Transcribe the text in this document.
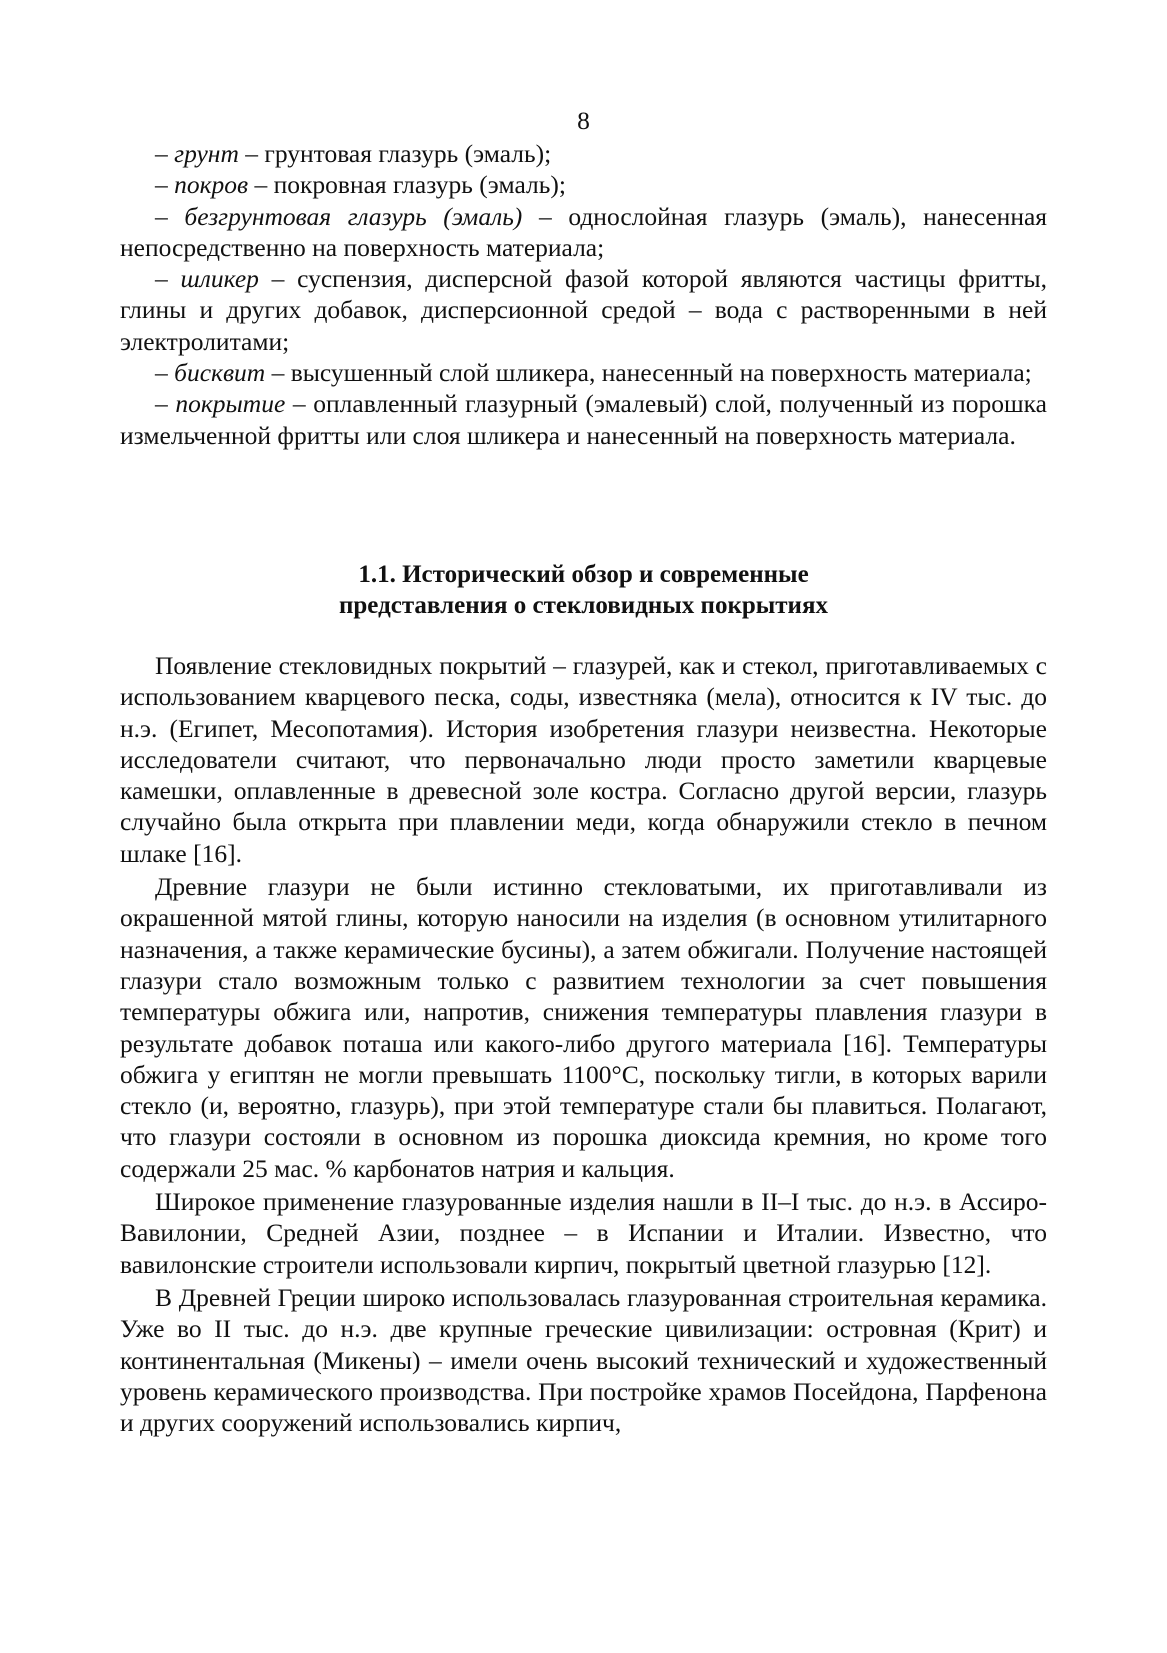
8

– грунт – грунтовая глазурь (эмаль);

– покров – покровная глазурь (эмаль);

– безгрунтовая глазурь (эмаль) – однослойная глазурь (эмаль), нанесенная непосредственно на поверхность материала;

– шликер – суспензия, дисперсной фазой которой являются частицы фритты, глины и других добавок, дисперсионной средой – вода с растворенными в ней электролитами;

– бисквит – высушенный слой шликера, нанесенный на поверхность материала;

– покрытие – оплавленный глазурный (эмалевый) слой, полученный из порошка измельченной фритты или слоя шликера и нанесенный на поверхность материала.

1.1. Исторический обзор и современные
представления о стекловидных покрытиях

Появление стекловидных покрытий – глазурей, как и стекол, приготавливаемых с использованием кварцевого песка, соды, известняка (мела), относится к IV тыс. до н.э. (Египет, Месопотамия). История изобретения глазури неизвестна. Некоторые исследователи считают, что первоначально люди просто заметили кварцевые камешки, оплавленные в древесной золе костра. Согласно другой версии, глазурь случайно была открыта при плавлении меди, когда обнаружили стекло в печном шлаке [16].

Древние глазури не были истинно стекловатыми, их приготавливали из окрашенной мятой глины, которую наносили на изделия (в основном утилитарного назначения, а также керамические бусины), а затем обжигали. Получение настоящей глазури стало возможным только с развитием технологии за счет повышения температуры обжига или, напротив, снижения температуры плавления глазури в результате добавок поташа или какого-либо другого материала [16]. Температуры обжига у египтян не могли превышать 1100°С, поскольку тигли, в которых варили стекло (и, вероятно, глазурь), при этой температуре стали бы плавиться. Полагают, что глазури состояли в основном из порошка диоксида кремния, но кроме того содержали 25 мас. % карбонатов натрия и кальция.

Широкое применение глазурованные изделия нашли в II–I тыс. до н.э. в Ассиро-Вавилонии, Средней Азии, позднее – в Испании и Италии. Известно, что вавилонские строители использовали кирпич, покрытый цветной глазурью [12].

В Древней Греции широко использовалась глазурованная строительная керамика. Уже во II тыс. до н.э. две крупные греческие цивилизации: островная (Крит) и континентальная (Микены) – имели очень высокий технический и художественный уровень керамического производства. При постройке храмов Посейдона, Парфенона и других сооружений использовались кирпич,
